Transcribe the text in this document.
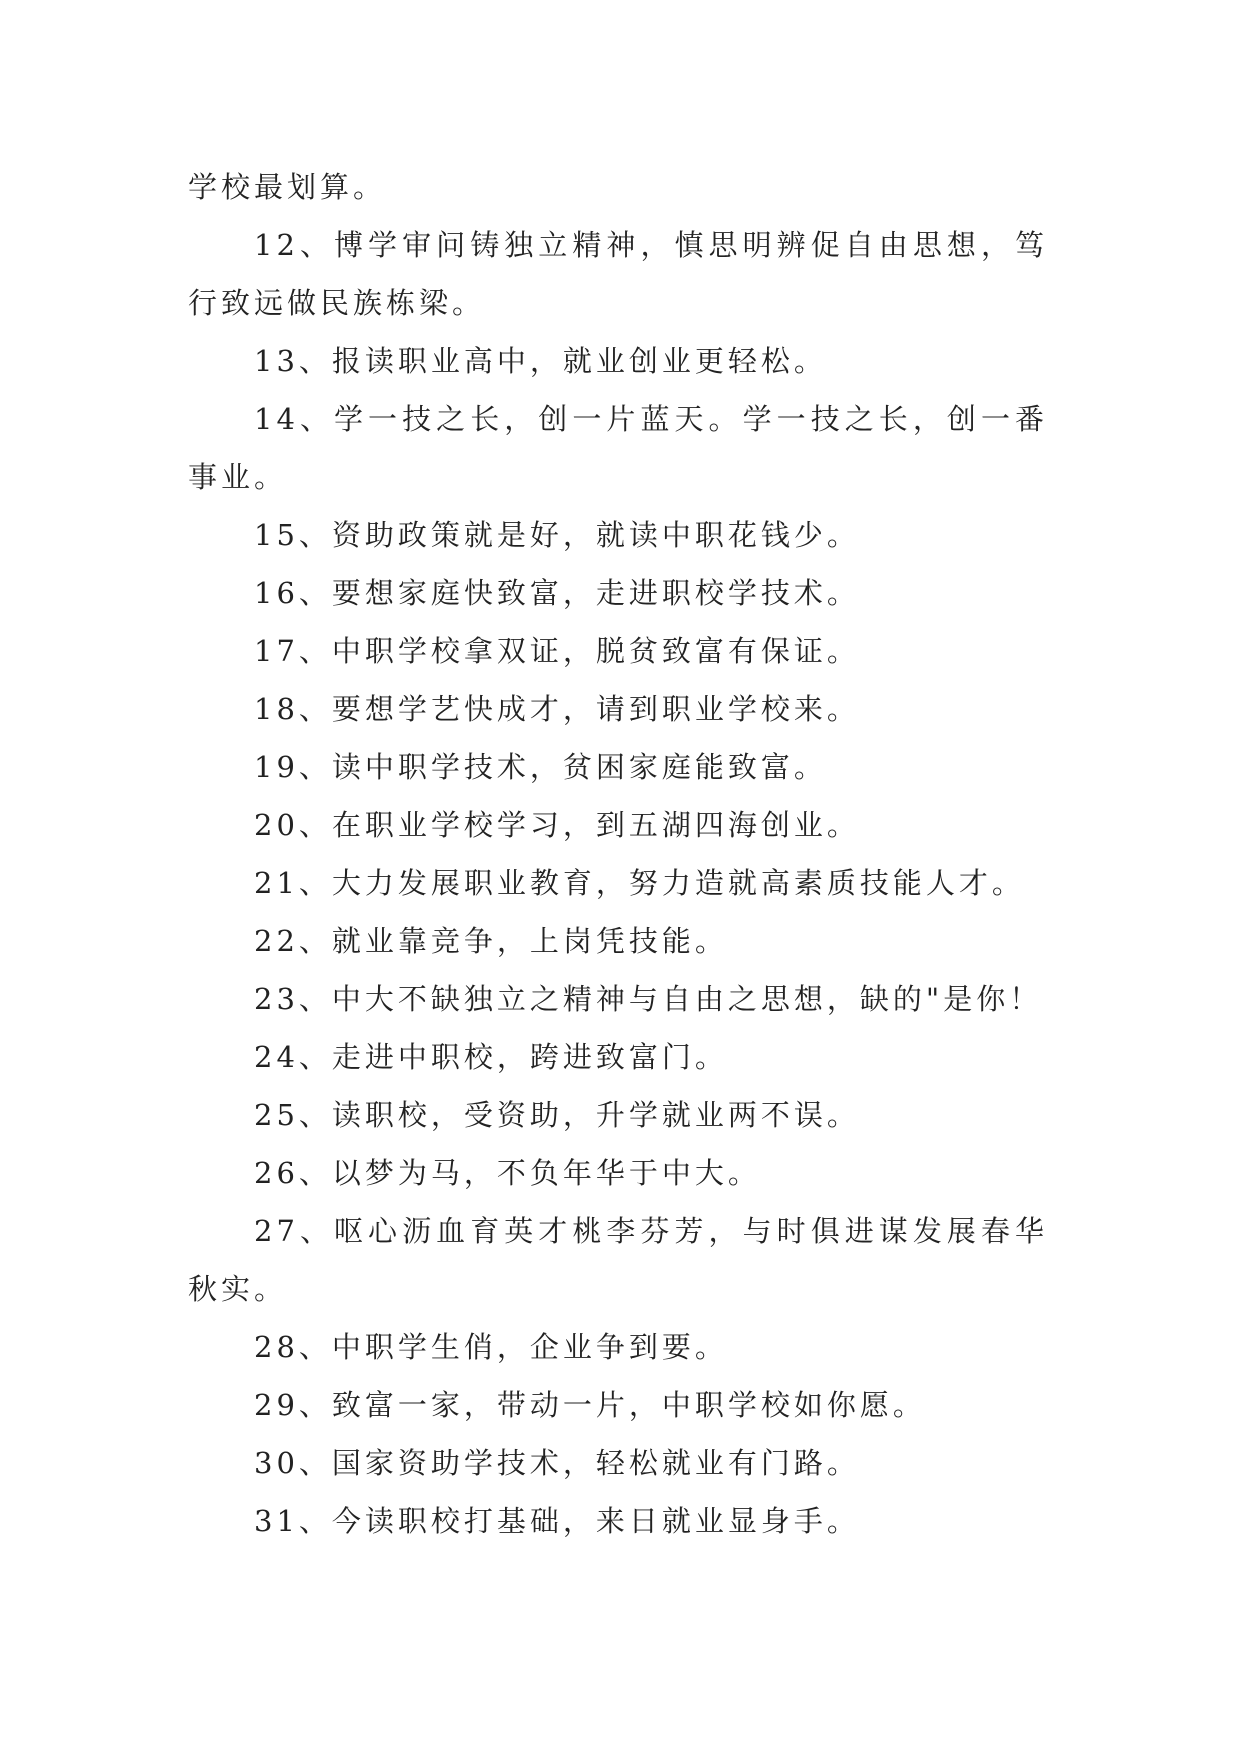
学校最划算。

12、博学审问铸独立精神，慎思明辨促自由思想，笃行致远做民族栋梁。

13、报读职业高中，就业创业更轻松。

14、学一技之长，创一片蓝天。学一技之长，创一番事业。

15、资助政策就是好，就读中职花钱少。

16、要想家庭快致富，走进职校学技术。

17、中职学校拿双证，脱贫致富有保证。

18、要想学艺快成才，请到职业学校来。

19、读中职学技术，贫困家庭能致富。

20、在职业学校学习，到五湖四海创业。

21、大力发展职业教育，努力造就高素质技能人才。

22、就业靠竞争，上岗凭技能。

23、中大不缺独立之精神与自由之思想，缺的"是你！

24、走进中职校，跨进致富门。

25、读职校，受资助，升学就业两不误。

26、以梦为马，不负年华于中大。

27、呕心沥血育英才桃李芬芳，与时俱进谋发展春华秋实。

28、中职学生俏，企业争到要。

29、致富一家，带动一片，中职学校如你愿。

30、国家资助学技术，轻松就业有门路。

31、今读职校打基础，来日就业显身手。
